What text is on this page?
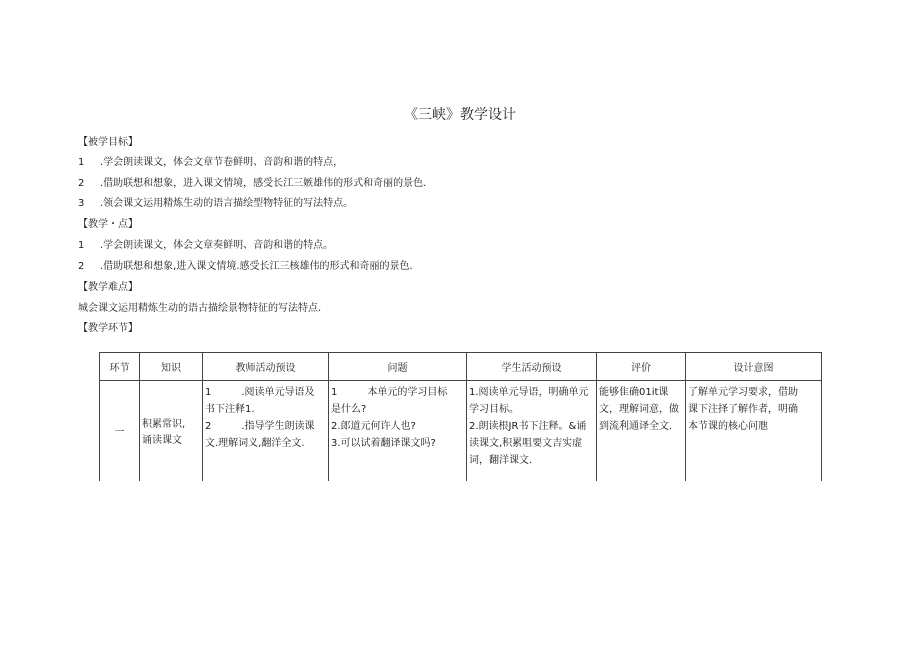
《三峡》教学设计
【被学目标】
1 .学会朗读课文，体会文章节卷鲜明、音韵和谐的特点，
2 .借助联想和想象，进入课文情境，感受长江三嫉雄伟的形式和奇丽的景色.
3 .领会课文运用精炼生动的语言描绘型物特征的写法特点。
【教学・点】
1 .学会朗读课文，体会文章奏鲜明、音韵和谐的特点。
2 .借助联想和想象,进入课文情境.感受长江三核雄伟的形式和奇丽的景色.
【教学难点】
城会课文运用精炼生动的语古描绘景物特征的写法特点.
【教学环节】
环节	知识	教师活动预设	问题	学生活动预设	评价	设计意图
一	积累常识,
诵读课文	1 .阅读单元导语及
书下注释1.
2 .指导学生朗读课
文.理解词义,翻洋全文.	1 本单元的学习目标
是什么?
2.郎道元何许人也?
3.可以试着翻译课文吗?	1.阅读单元导语，明确单元
学习目标。
2.朗读根JR书下注释。&诵
读课文,积累咀要文吉实虚
词，翻洋课文.	能够隹确01it课
文，理解词意，做
到流利通译全文.	了解单元学习要求，借助
课下注择了解作者，明确
本节课的核心问虺
